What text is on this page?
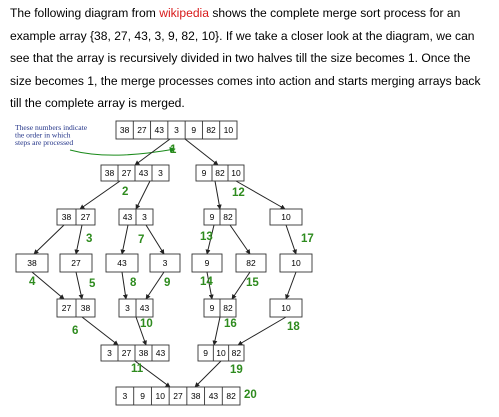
The following diagram from wikipedia shows the complete merge sort process for an example array {38, 27, 43, 3, 9, 82, 10}. If we take a closer look at the diagram, we can see that the array is recursively divided in two halves till the size becomes 1. Once the size becomes 1, the merge processes comes into action and starts merging arrays back till the complete array is merged.

These numbers indicate
the order in which
steps are processed
38 27 43 3 9 82 10
38 27 43 3	9 82 10
38 27	43 3	9 82	10
38	27	43	3	9	82	10
27 38	3 43	9 82	10
3 27 38 43	9 10 82
3 9 10 27 38 43 82
1
2
3
4	5
6
7
8 9
10
11
12
13
14	15
16
17
18
19
20
